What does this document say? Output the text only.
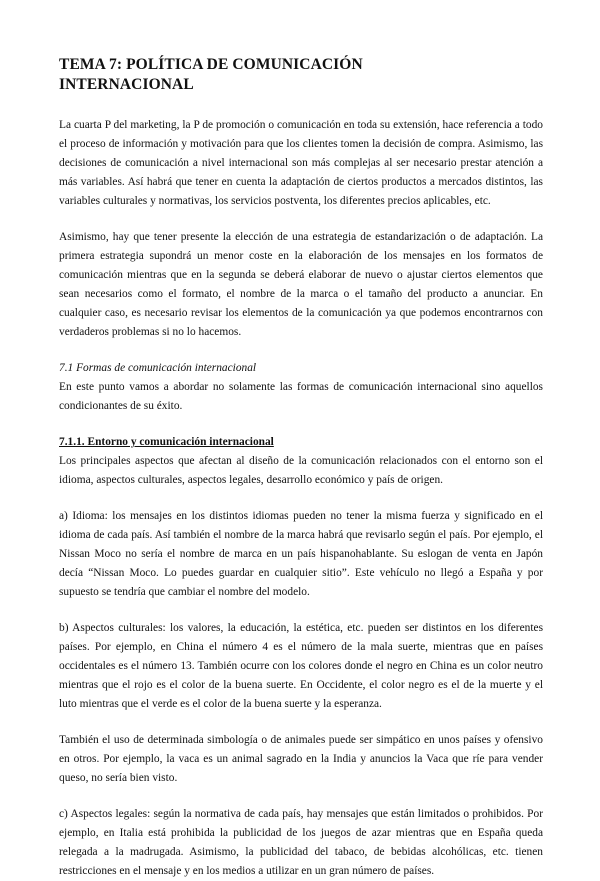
TEMA 7: POLÍTICA DE COMUNICACIÓN
INTERNACIONAL

La cuarta P del marketing, la P de promoción o comunicación en toda su extensión, hace referencia a todo el proceso de información y motivación para que los clientes tomen la decisión de compra. Asimismo, las decisiones de comunicación a nivel internacional son más complejas al ser necesario prestar atención a más variables. Así habrá que tener en cuenta la adaptación de ciertos productos a mercados distintos, las variables culturales y normativas, los servicios postventa, los diferentes precios aplicables, etc.

Asimismo, hay que tener presente la elección de una estrategia de estandarización o de adaptación. La primera estrategia supondrá un menor coste en la elaboración de los mensajes en los formatos de comunicación mientras que en la segunda se deberá elaborar de nuevo o ajustar ciertos elementos que sean necesarios como el formato, el nombre de la marca o el tamaño del producto a anunciar. En cualquier caso, es necesario revisar los elementos de la comunicación ya que podemos encontrarnos con verdaderos problemas si no lo hacemos.

7.1 Formas de comunicación internacional

En este punto vamos a abordar no solamente las formas de comunicación internacional sino aquellos condicionantes de su éxito.

7.1.1. Entorno y comunicación internacional

Los principales aspectos que afectan al diseño de la comunicación relacionados con el entorno son el idioma, aspectos culturales, aspectos legales, desarrollo económico y país de origen.

a) Idioma: los mensajes en los distintos idiomas pueden no tener la misma fuerza y significado en el idioma de cada país. Así también el nombre de la marca habrá que revisarlo según el país. Por ejemplo, el Nissan Moco no sería el nombre de marca en un país hispanohablante. Su eslogan de venta en Japón decía “Nissan Moco. Lo puedes guardar en cualquier sitio”. Este vehículo no llegó a España y por supuesto se tendría que cambiar el nombre del modelo.

b) Aspectos culturales: los valores, la educación, la estética, etc. pueden ser distintos en los diferentes países. Por ejemplo, en China el número 4 es el número de la mala suerte, mientras que en países occidentales es el número 13. También ocurre con los colores donde el negro en China es un color neutro mientras que el rojo es el color de la buena suerte. En Occidente, el color negro es el de la muerte y el luto mientras que el verde es el color de la buena suerte y la esperanza.

También el uso de determinada simbología o de animales puede ser simpático en unos países y ofensivo en otros. Por ejemplo, la vaca es un animal sagrado en la India y anuncios la Vaca que ríe para vender queso, no sería bien visto.

c) Aspectos legales: según la normativa de cada país, hay mensajes que están limitados o prohibidos. Por ejemplo, en Italia está prohibida la publicidad de los juegos de azar mientras que en España queda relegada a la madrugada. Asimismo, la publicidad del tabaco, de bebidas alcohólicas, etc. tienen restricciones en el mensaje y en los medios a utilizar en un gran número de países.
